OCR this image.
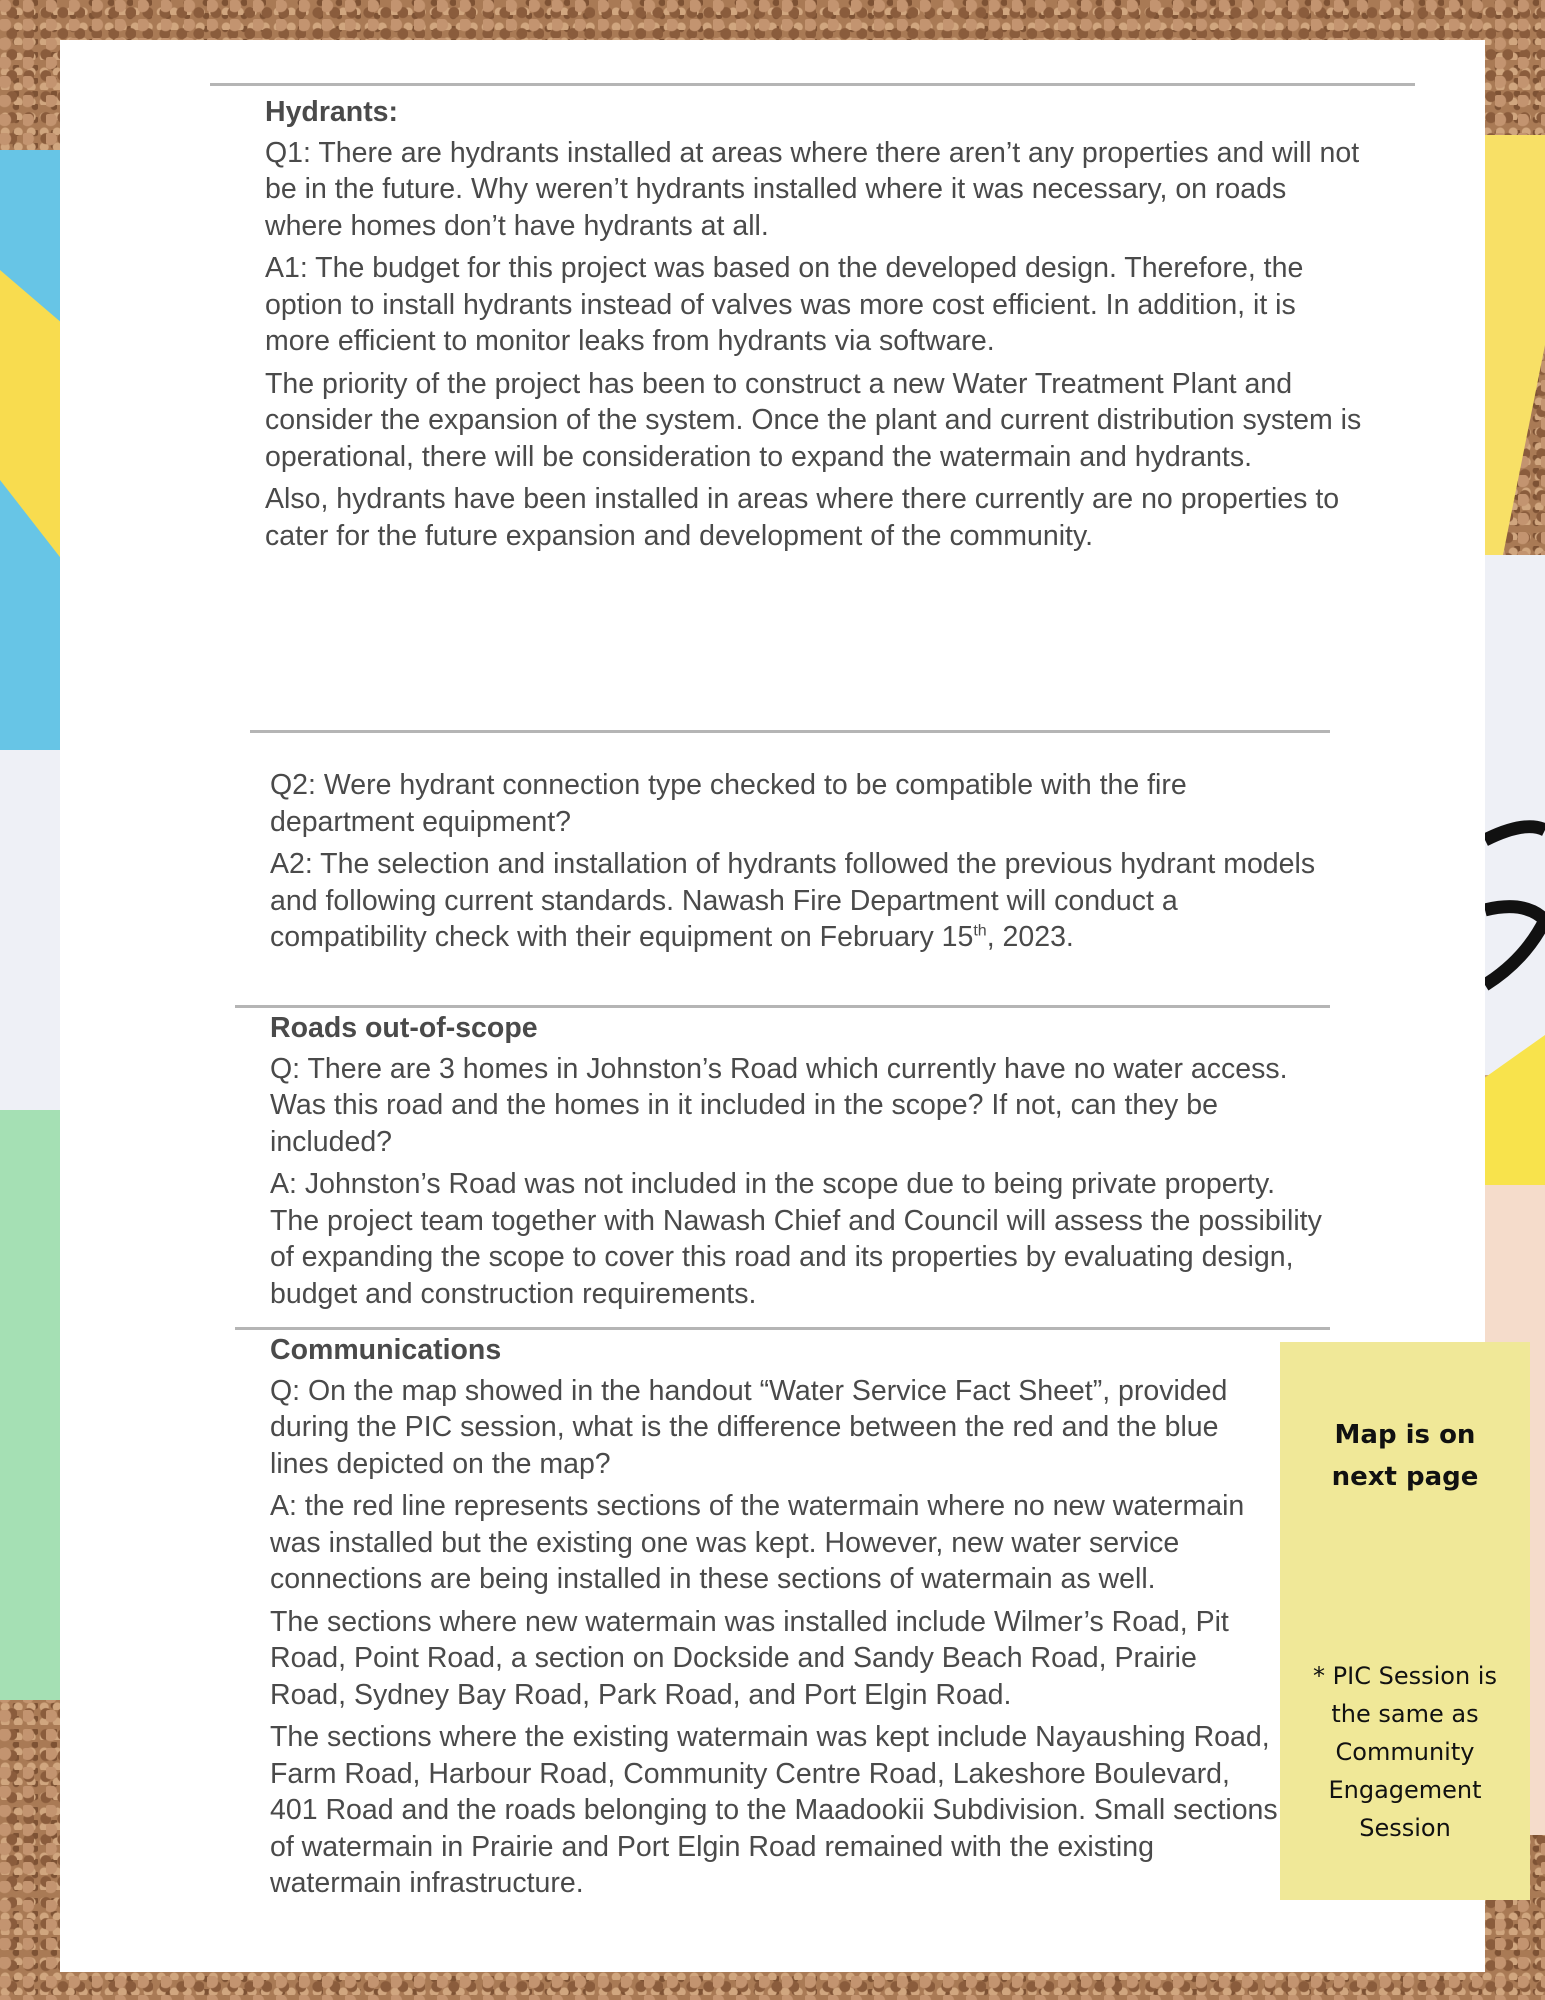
Hydrants:

Q1: There are hydrants installed at areas where there aren’t any properties and will not be in the future. Why weren’t hydrants installed where it was necessary, on roads where homes don’t have hydrants at all.

A1: The budget for this project was based on the developed design. Therefore, the option to install hydrants instead of valves was more cost efficient. In addition, it is more efficient to monitor leaks from hydrants via software.

The priority of the project has been to construct a new Water Treatment Plant and consider the expansion of the system. Once the plant and current distribution system is operational, there will be consideration to expand the watermain and hydrants.

Also, hydrants have been installed in areas where there currently are no properties to cater for the future expansion and development of the community.

Q2: Were hydrant connection type checked to be compatible with the fire department equipment?

A2: The selection and installation of hydrants followed the previous hydrant models and following current standards. Nawash Fire Department will conduct a compatibility check with their equipment on February 15th, 2023.

Roads out-of-scope

Q: There are 3 homes in Johnston’s Road which currently have no water access. Was this road and the homes in it included in the scope? If not, can they be included?

A: Johnston’s Road was not included in the scope due to being private property. The project team together with Nawash Chief and Council will assess the possibility of expanding the scope to cover this road and its properties by evaluating design, budget and construction requirements.

Communications

Q: On the map showed in the handout “Water Service Fact Sheet”, provided during the PIC session, what is the difference between the red and the blue lines depicted on the map?

A: the red line represents sections of the watermain where no new watermain was installed but the existing one was kept. However, new water service connections are being installed in these sections of watermain as well.

The sections where new watermain was installed include Wilmer’s Road, Pit Road, Point Road, a section on Dockside and Sandy Beach Road, Prairie Road, Sydney Bay Road, Park Road, and Port Elgin Road.

The sections where the existing watermain was kept include Nayaushing Road, Farm Road, Harbour Road, Community Centre Road, Lakeshore Boulevard, 401 Road and the roads belonging to the Maadookii Subdivision. Small sections of watermain in Prairie and Port Elgin Road remained with the existing watermain infrastructure.

Map is on next page
* PIC Session is the same as Community Engagement Session
